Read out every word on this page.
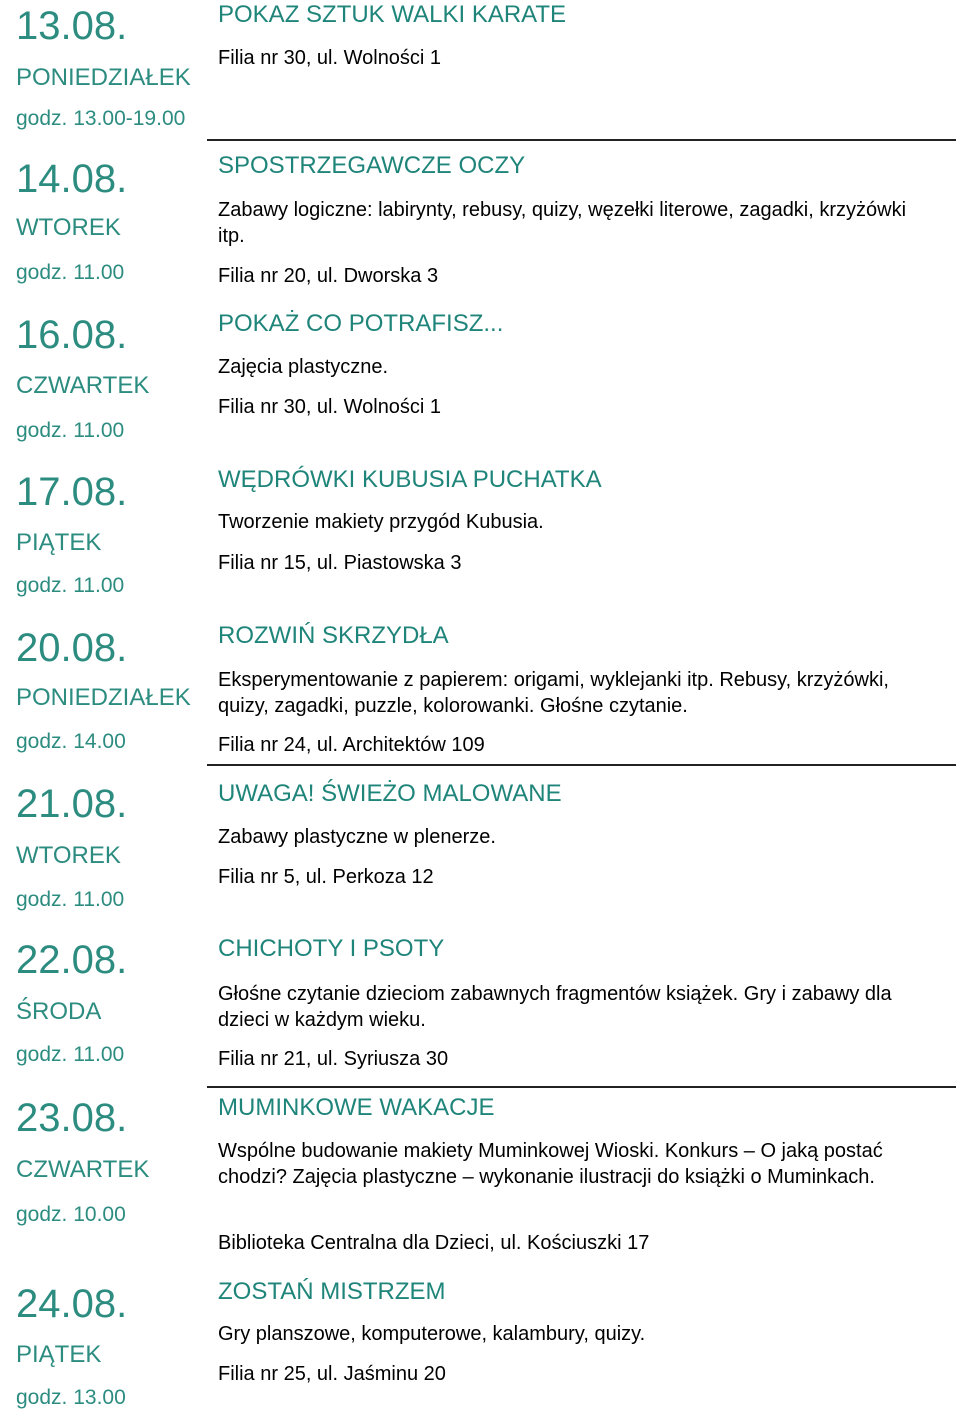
13.08.
PONIEDZIAŁEK
godz. 13.00-19.00
POKAZ SZTUK WALKI KARATE
Filia nr 30, ul. Wolności 1
14.08.
WTOREK
godz. 11.00
SPOSTRZEGAWCZE OCZY
Zabawy logiczne: labirynty, rebusy, quizy, węzełki literowe, zagadki, krzyżówki itp.
Filia nr 20, ul. Dworska 3
16.08.
CZWARTEK
godz. 11.00
POKAŻ CO POTRAFISZ...
Zajęcia plastyczne.
Filia nr 30, ul. Wolności 1
17.08.
PIĄTEK
godz. 11.00
WĘDRÓWKI KUBUSIA PUCHATKA
Tworzenie makiety przygód Kubusia.
Filia nr 15, ul. Piastowska 3
20.08.
PONIEDZIAŁEK
godz. 14.00
ROZWIŃ SKRZYDŁA
Eksperymentowanie z papierem: origami, wyklejanki itp. Rebusy, krzyżówki, quizy, zagadki, puzzle, kolorowanki. Głośne czytanie.
Filia nr 24, ul. Architektów 109
21.08.
WTOREK
godz. 11.00
UWAGA! ŚWIEŻO MALOWANE
Zabawy plastyczne w plenerze.
Filia nr 5, ul. Perkoza 12
22.08.
ŚRODA
godz. 11.00
CHICHOTY I PSOTY
Głośne czytanie dzieciom zabawnych fragmentów książek. Gry i zabawy dla dzieci w każdym wieku.
Filia nr 21, ul. Syriusza 30
23.08.
CZWARTEK
godz. 10.00
MUMINKOWE WAKACJE
Wspólne budowanie makiety Muminkowej Wioski. Konkurs – O jaką postać chodzi? Zajęcia plastyczne – wykonanie ilustracji do książki o Muminkach.
Biblioteka Centralna dla Dzieci, ul. Kościuszki 17
24.08.
PIĄTEK
godz. 13.00
ZOSTAŃ MISTRZEM
Gry planszowe, komputerowe, kalambury, quizy.
Filia nr 25, ul. Jaśminu 20
